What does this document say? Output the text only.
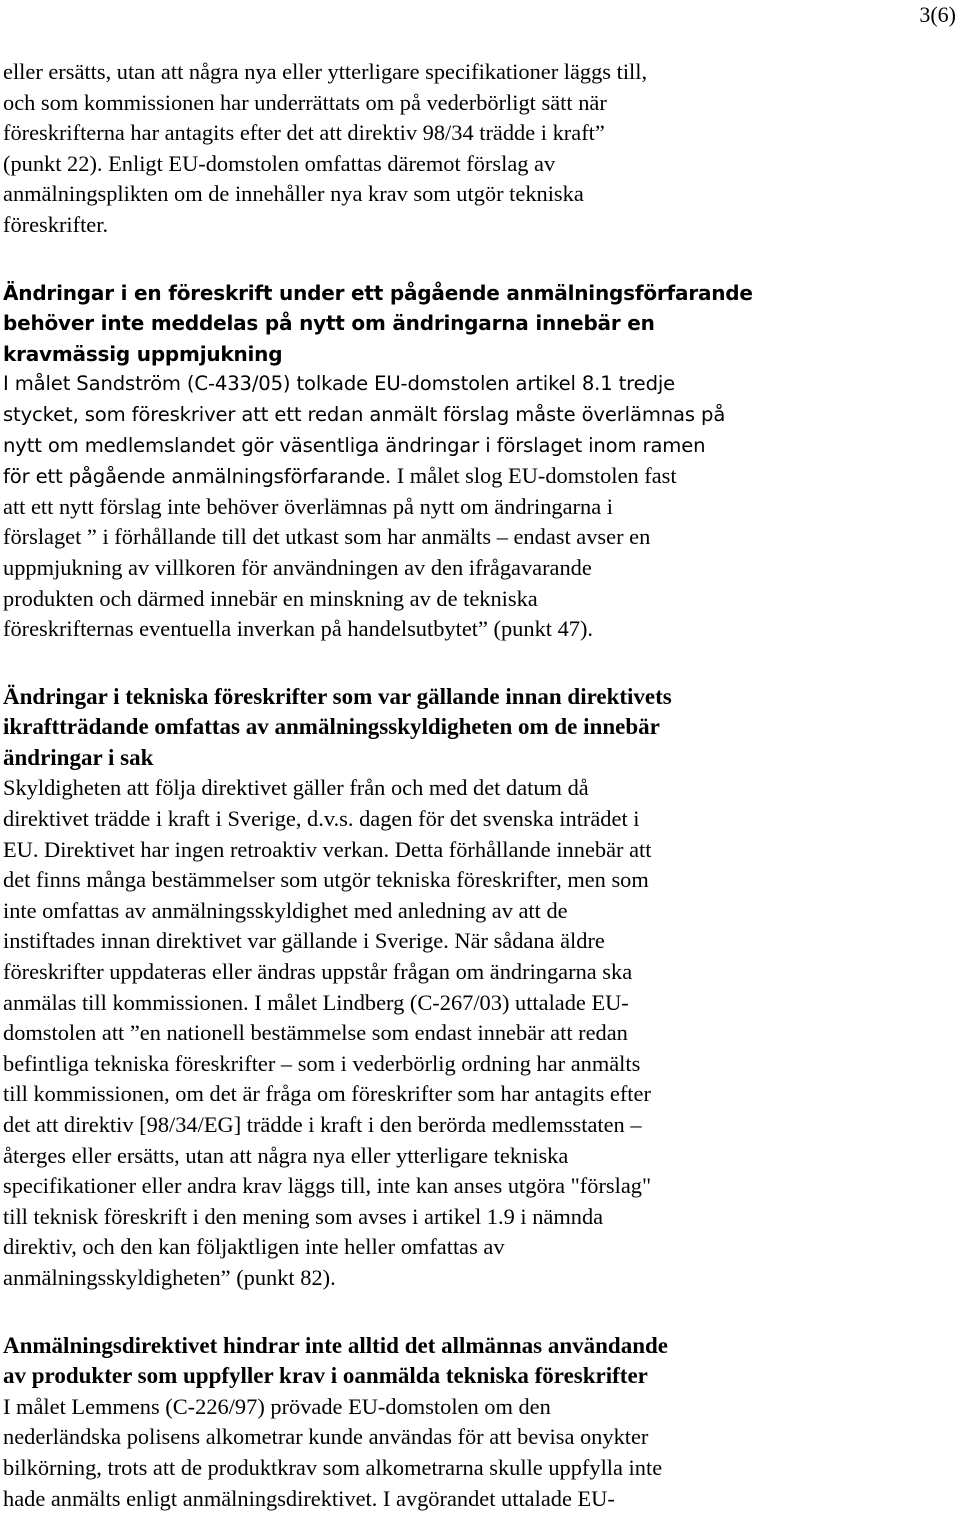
3(6)
eller ersätts, utan att några nya eller ytterligare specifikationer läggs till,
och som kommissionen har underrättats om på vederbörligt sätt när
föreskrifterna har antagits efter det att direktiv 98/34 trädde i kraft”
(punkt 22). Enligt EU-domstolen omfattas däremot förslag av
anmälningsplikten om de innehåller nya krav som utgör tekniska
föreskrifter.
Ändringar i en föreskrift under ett pågående anmälningsförfarande
behöver inte meddelas på nytt om ändringarna innebär en
kravmässig uppmjukning
I målet Sandström (C-433/05) tolkade EU-domstolen artikel 8.1 tredje
stycket, som föreskriver att ett redan anmält förslag måste överlämnas på
nytt om medlemslandet gör väsentliga ändringar i förslaget inom ramen
för ett pågående anmälningsförfarande. I målet slog EU-domstolen fast
att ett nytt förslag inte behöver överlämnas på nytt om ändringarna i
förslaget ” i förhållande till det utkast som har anmälts – endast avser en
uppmjukning av villkoren för användningen av den ifrågavarande
produkten och därmed innebär en minskning av de tekniska
föreskrifternas eventuella inverkan på handelsutbytet” (punkt 47).
Ändringar i tekniska föreskrifter som var gällande innan direktivets
ikraftträdande omfattas av anmälningsskyldigheten om de innebär
ändringar i sak
Skyldigheten att följa direktivet gäller från och med det datum då
direktivet trädde i kraft i Sverige, d.v.s. dagen för det svenska inträdet i
EU. Direktivet har ingen retroaktiv verkan. Detta förhållande innebär att
det finns många bestämmelser som utgör tekniska föreskrifter, men som
inte omfattas av anmälningsskyldighet med anledning av att de
instiftades innan direktivet var gällande i Sverige. När sådana äldre
föreskrifter uppdateras eller ändras uppstår frågan om ändringarna ska
anmälas till kommissionen. I målet Lindberg (C-267/03) uttalade EU-
domstolen att ”en nationell bestämmelse som endast innebär att redan
befintliga tekniska föreskrifter – som i vederbörlig ordning har anmälts
till kommissionen, om det är fråga om föreskrifter som har antagits efter
det att direktiv [98/34/EG] trädde i kraft i den berörda medlemsstaten –
återges eller ersätts, utan att några nya eller ytterligare tekniska
specifikationer eller andra krav läggs till, inte kan anses utgöra "förslag"
till teknisk föreskrift i den mening som avses i artikel 1.9 i nämnda
direktiv, och den kan följaktligen inte heller omfattas av
anmälningsskyldigheten” (punkt 82).
Anmälningsdirektivet hindrar inte alltid det allmännas användande
av produkter som uppfyller krav i oanmälda tekniska föreskrifter
I målet Lemmens (C-226/97) prövade EU-domstolen om den
nederländska polisens alkometrar kunde användas för att bevisa onykter
bilkörning, trots att de produktkrav som alkometrarna skulle uppfylla inte
hade anmälts enligt anmälningsdirektivet. I avgörandet uttalade EU-
